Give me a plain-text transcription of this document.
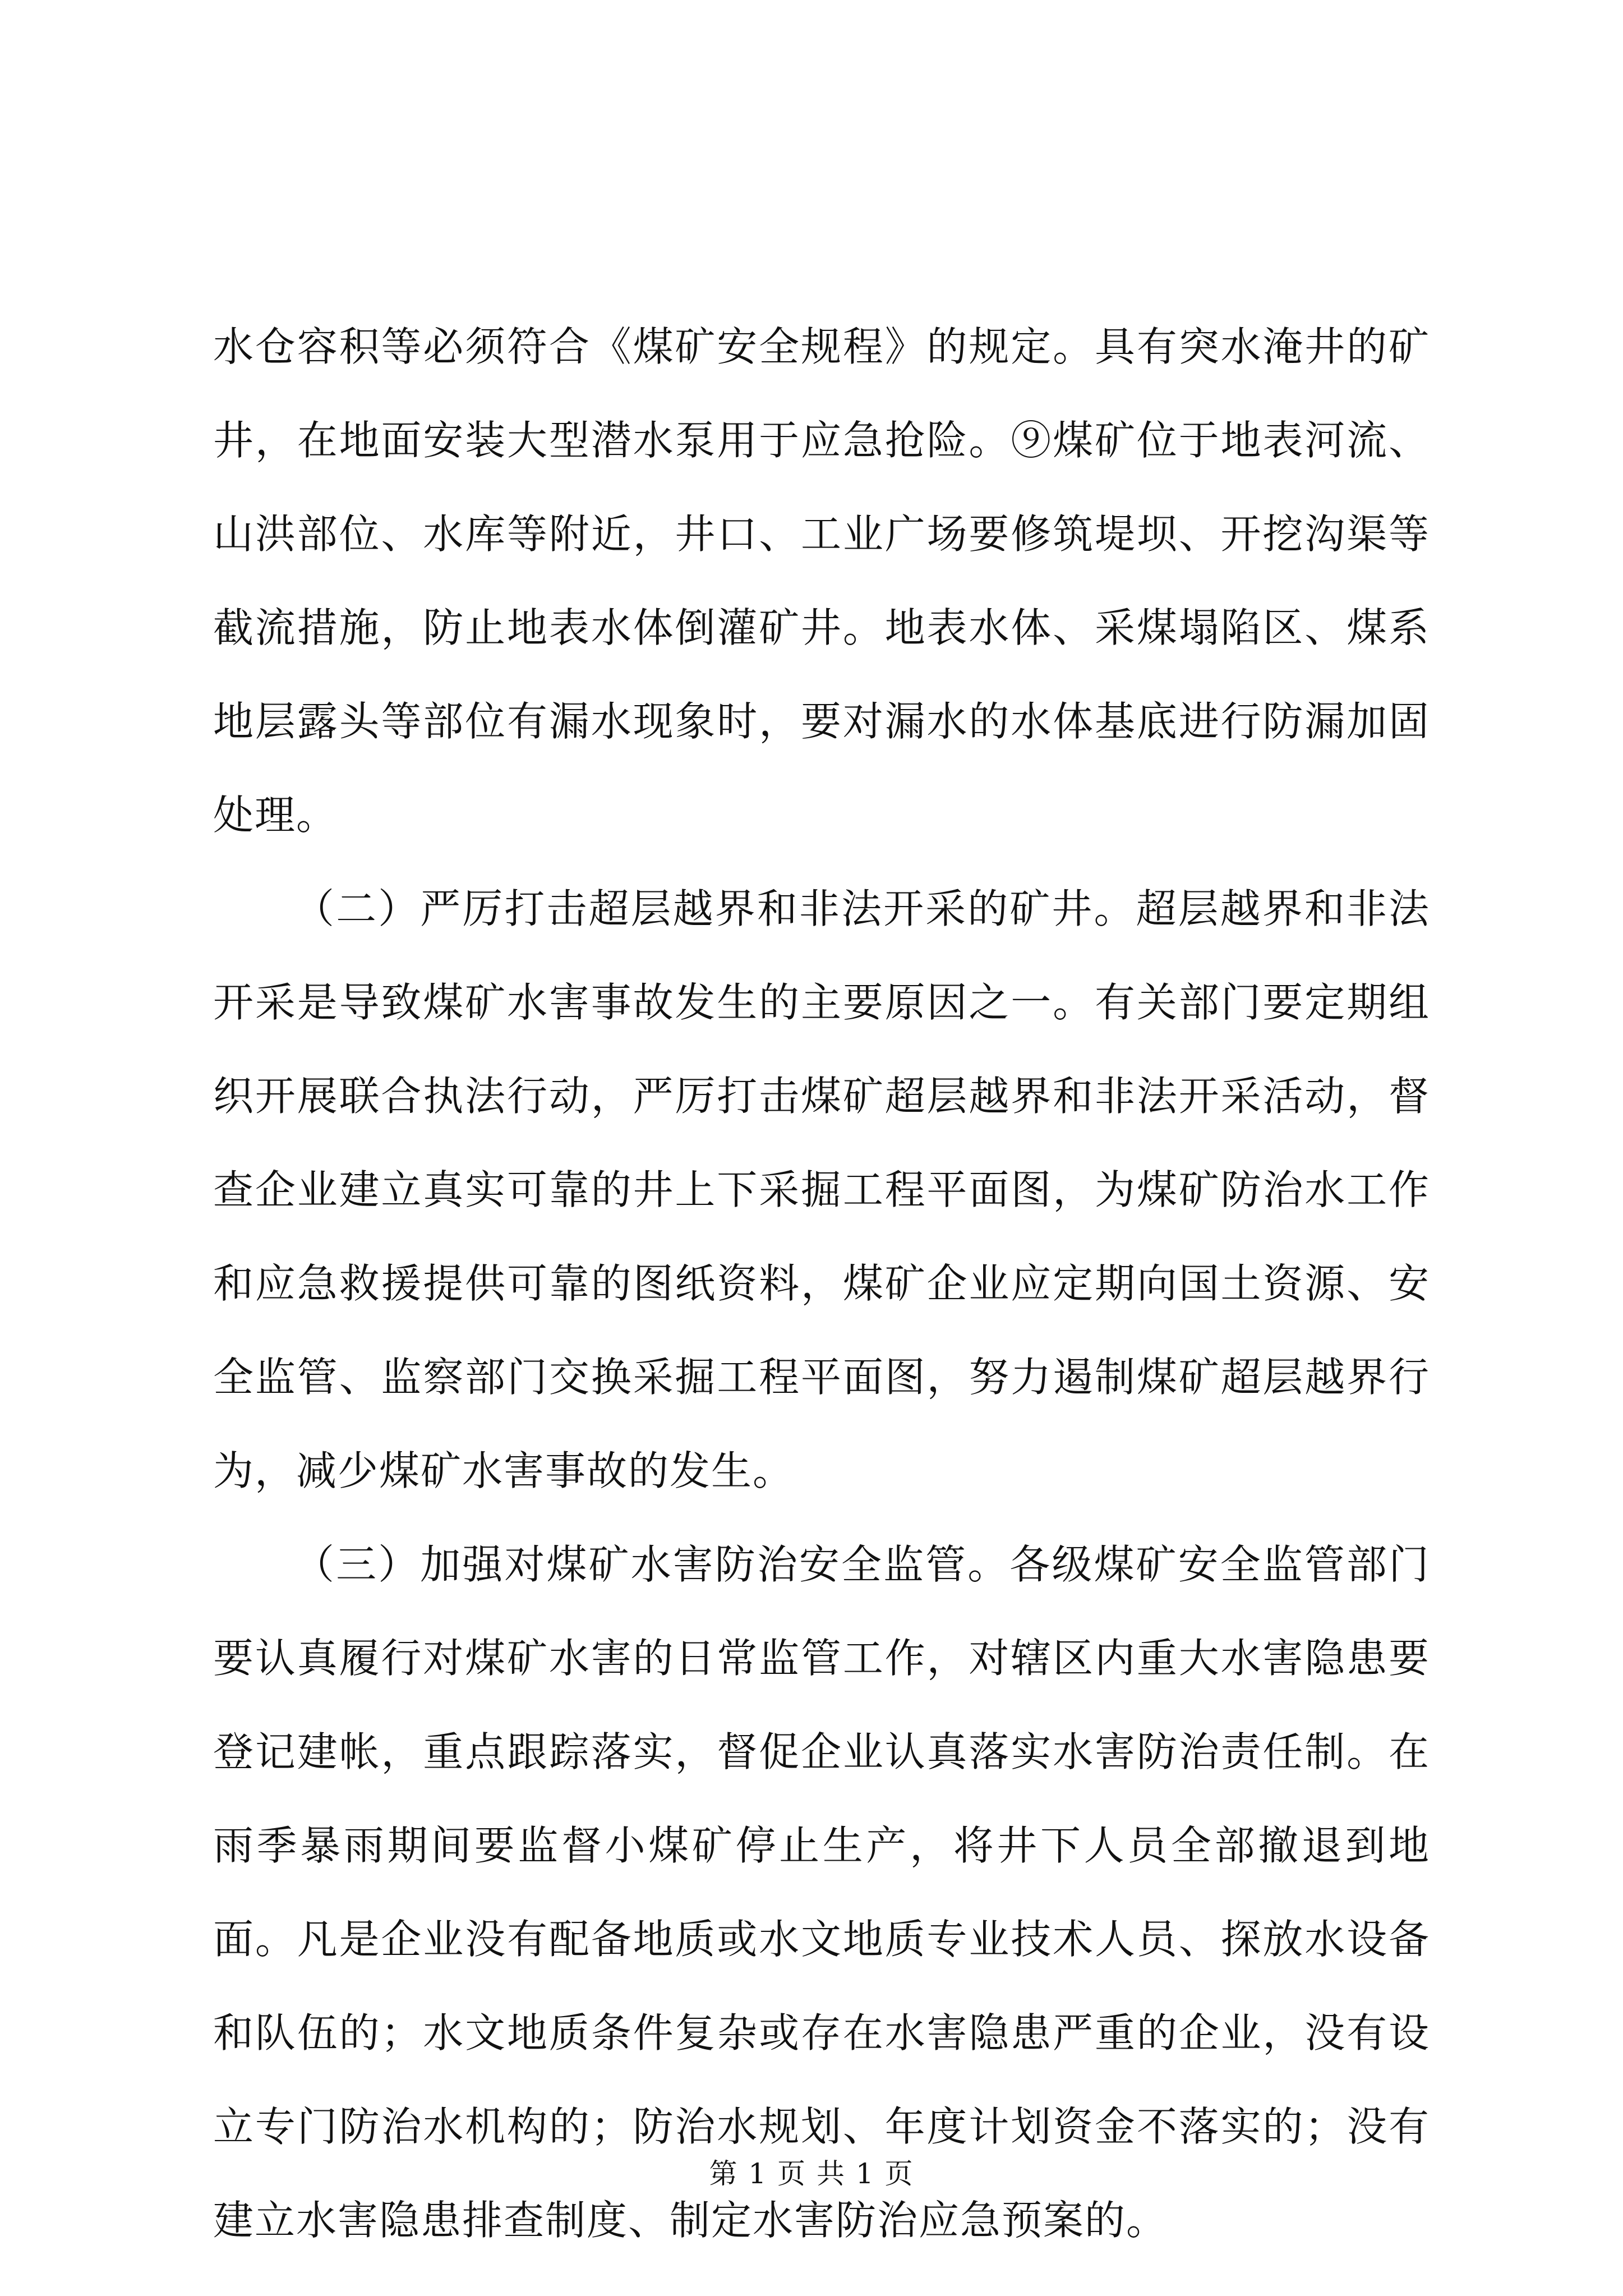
水仓容积等必须符合《煤矿安全规程》的规定。具有突水淹井的矿井，在地面安装大型潜水泵用于应急抢险。⑨煤矿位于地表河流、山洪部位、水库等附近，井口、工业广场要修筑堤坝、开挖沟渠等截流措施，防止地表水体倒灌矿井。地表水体、采煤塌陷区、煤系地层露头等部位有漏水现象时，要对漏水的水体基底进行防漏加固处理。

（二）严厉打击超层越界和非法开采的矿井。超层越界和非法开采是导致煤矿水害事故发生的主要原因之一。有关部门要定期组织开展联合执法行动，严厉打击煤矿超层越界和非法开采活动，督查企业建立真实可靠的井上下采掘工程平面图，为煤矿防治水工作和应急救援提供可靠的图纸资料，煤矿企业应定期向国土资源、安全监管、监察部门交换采掘工程平面图，努力遏制煤矿超层越界行为，减少煤矿水害事故的发生。

（三）加强对煤矿水害防治安全监管。各级煤矿安全监管部门要认真履行对煤矿水害的日常监管工作，对辖区内重大水害隐患要登记建帐，重点跟踪落实，督促企业认真落实水害防治责任制。在雨季暴雨期间要监督小煤矿停止生产，将井下人员全部撤退到地面。凡是企业没有配备地质或水文地质专业技术人员、探放水设备和队伍的；水文地质条件复杂或存在水害隐患严重的企业，没有设立专门防治水机构的；防治水规划、年度计划资金不落实的；没有建立水害隐患排查制度、制定水害防治应急预案的。

第 1 页 共 1 页
